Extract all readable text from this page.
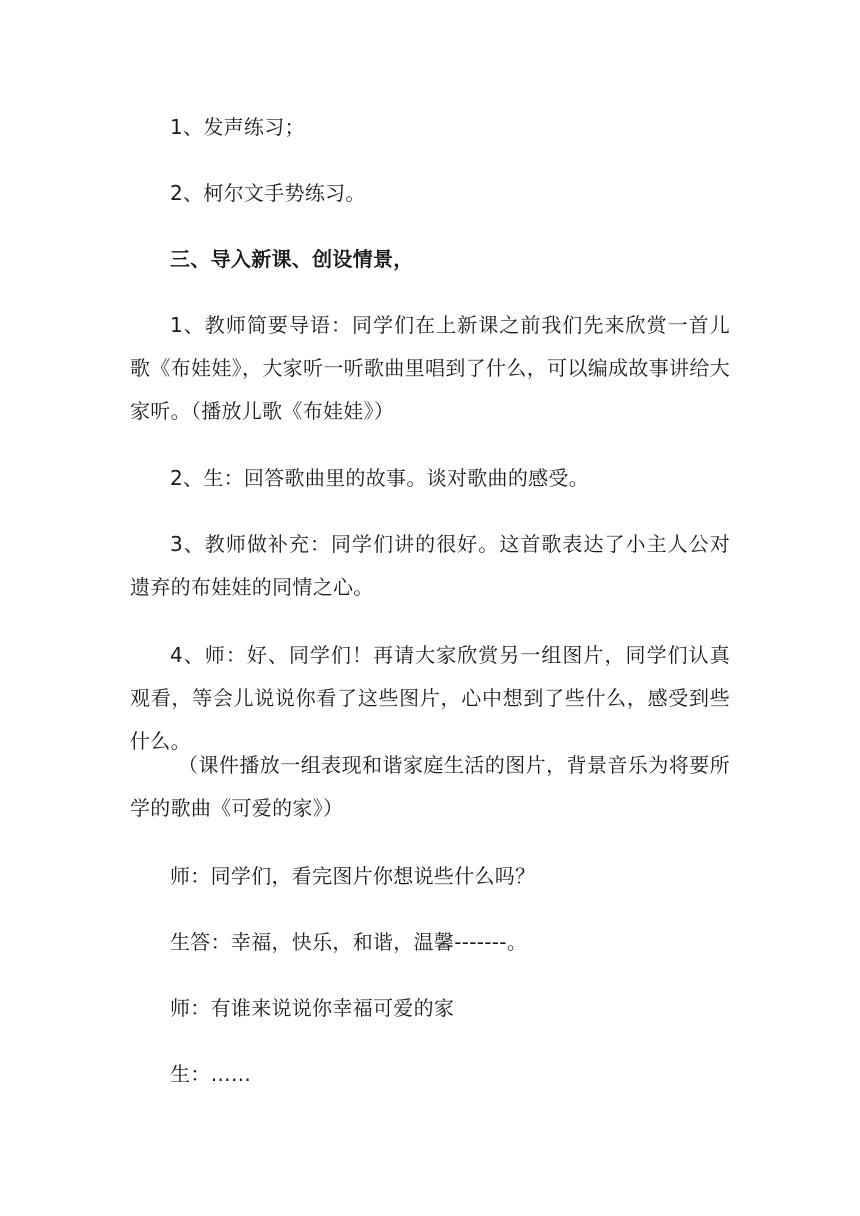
1、发声练习；

2、柯尔文手势练习。

三、导入新课、创设情景，

1、教师简要导语：同学们在上新课之前我们先来欣赏一首儿歌《布娃娃》，大家听一听歌曲里唱到了什么，可以编成故事讲给大家听。（播放儿歌《布娃娃》）

2、生：回答歌曲里的故事。谈对歌曲的感受。

3、教师做补充：同学们讲的很好。这首歌表达了小主人公对遗弃的布娃娃的同情之心。

4、师：好、同学们！再请大家欣赏另一组图片，同学们认真观看，等会儿说说你看了这些图片，心中想到了些什么，感受到些什么。

（课件播放一组表现和谐家庭生活的图片，背景音乐为将要所学的歌曲《可爱的家》）

师：同学们，看完图片你想说些什么吗？

生答：幸福，快乐，和谐，温馨-------。

师：有谁来说说你幸福可爱的家

生：……
